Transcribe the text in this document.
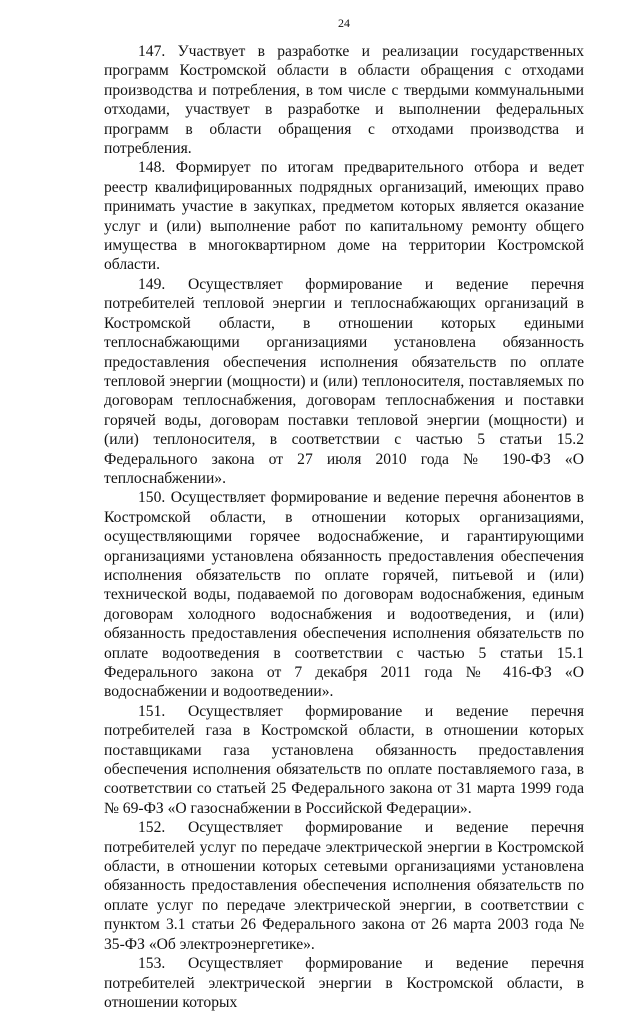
24

147. Участвует в разработке и реализации государственных программ Костромской области в области обращения с отходами производства и потребления, в том числе с твердыми коммунальными отходами, участвует в разработке и выполнении федеральных программ в области обращения с отходами производства и потребления.

148. Формирует по итогам предварительного отбора и ведет реестр квалифицированных подрядных организаций, имеющих право принимать участие в закупках, предметом которых является оказание услуг и (или) выполнение работ по капитальному ремонту общего имущества в многоквартирном доме на территории Костромской области.

149. Осуществляет формирование и ведение перечня потребителей тепловой энергии и теплоснабжающих организаций в Костромской области, в отношении которых едиными теплоснабжающими организациями установлена обязанность предоставления обеспечения исполнения обязательств по оплате тепловой энергии (мощности) и (или) теплоносителя, поставляемых по договорам теплоснабжения, договорам теплоснабжения и поставки горячей воды, договорам поставки тепловой энергии (мощности) и (или) теплоносителя, в соответствии с частью 5 статьи 15.2 Федерального закона от 27 июля 2010 года № 190-ФЗ «О теплоснабжении».

150. Осуществляет формирование и ведение перечня абонентов в Костромской области, в отношении которых организациями, осуществляющими горячее водоснабжение, и гарантирующими организациями установлена обязанность предоставления обеспечения исполнения обязательств по оплате горячей, питьевой и (или) технической воды, подаваемой по договорам водоснабжения, единым договорам холодного водоснабжения и водоотведения, и (или) обязанность предоставления обеспечения исполнения обязательств по оплате водоотведения в соответствии с частью 5 статьи 15.1 Федерального закона от 7 декабря 2011 года № 416-ФЗ «О водоснабжении и водоотведении».

151. Осуществляет формирование и ведение перечня потребителей газа в Костромской области, в отношении которых поставщиками газа установлена обязанность предоставления обеспечения исполнения обязательств по оплате поставляемого газа, в соответствии со статьей 25 Федерального закона от 31 марта 1999 года № 69-ФЗ «О газоснабжении в Российской Федерации».

152. Осуществляет формирование и ведение перечня потребителей услуг по передаче электрической энергии в Костромской области, в отношении которых сетевыми организациями установлена обязанность предоставления обеспечения исполнения обязательств по оплате услуг по передаче электрической энергии, в соответствии с пунктом 3.1 статьи 26 Федерального закона от 26 марта 2003 года № 35-ФЗ «Об электроэнергетике».

153. Осуществляет формирование и ведение перечня потребителей электрической энергии в Костромской области, в отношении которых
